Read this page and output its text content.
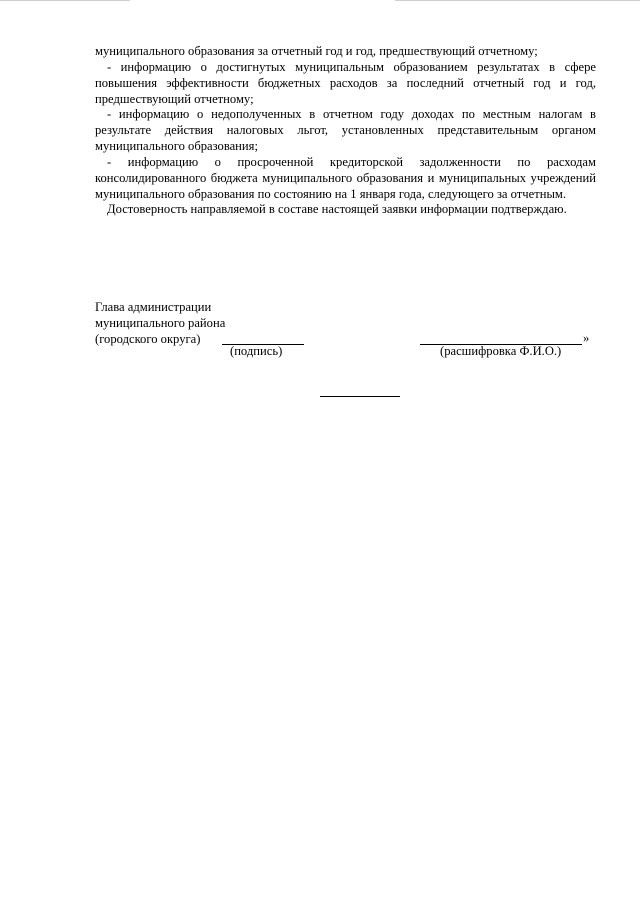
муниципального образования за отчетный год и год, предшествующий отчетному;

- информацию о достигнутых муниципальным образованием результатах в сфере повышения эффективности бюджетных расходов за последний отчетный год и год, предшествующий отчетному;

- информацию о недополученных в отчетном году доходах по местным налогам в результате действия налоговых льгот, установленных представительным органом муниципального образования;

- информацию о просроченной кредиторской задолженности по расходам консолидированного бюджета муниципального образования и муниципальных учреждений муниципального образования по состоянию на 1 января года, следующего за отчетным.

Достоверность направляемой в составе настоящей заявки информации подтверждаю.

Глава администрации
муниципального района
(городского округа)	»
(подпись)	(расшифровка Ф.И.О.)
